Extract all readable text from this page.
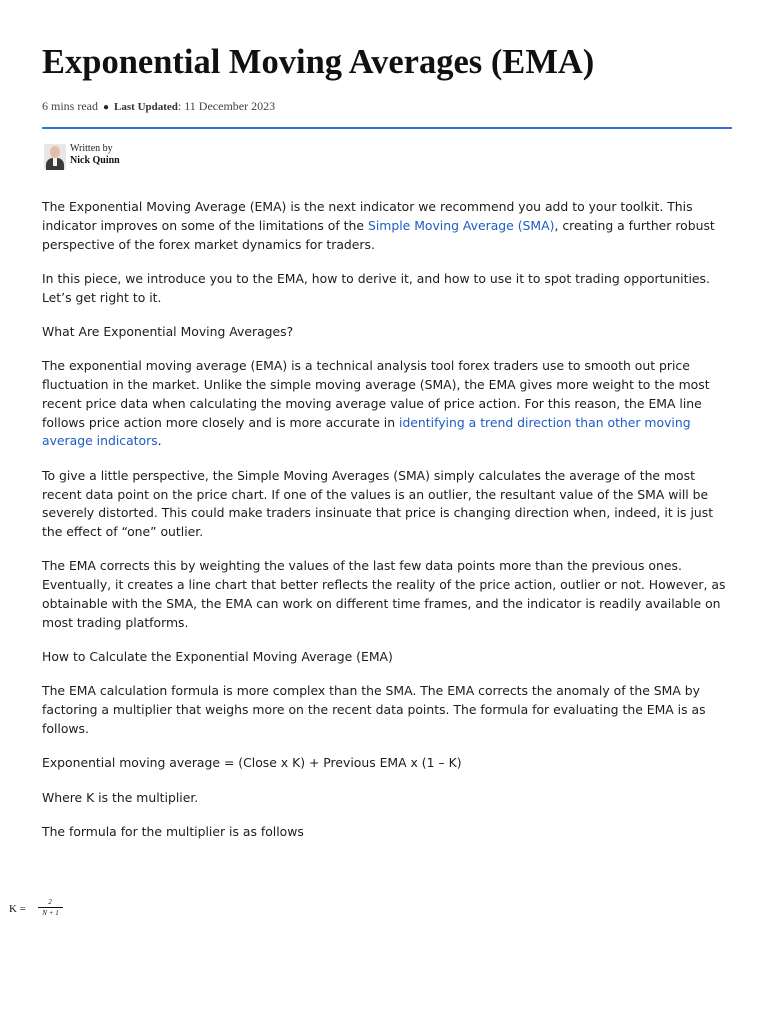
Exponential Moving Averages (EMA)
6 mins read ● Last Updated: 11 December 2023
Written by
Nick Quinn

The Exponential Moving Average (EMA) is the next indicator we recommend you add to your toolkit. This indicator improves on some of the limitations of the Simple Moving Average (SMA), creating a further robust perspective of the forex market dynamics for traders.

In this piece, we introduce you to the EMA, how to derive it, and how to use it to spot trading opportunities. Let’s get right to it.

What Are Exponential Moving Averages?

The exponential moving average (EMA) is a technical analysis tool forex traders use to smooth out price fluctuation in the market. Unlike the simple moving average (SMA), the EMA gives more weight to the most recent price data when calculating the moving average value of price action. For this reason, the EMA line follows price action more closely and is more accurate in identifying a trend direction than other moving average indicators.

To give a little perspective, the Simple Moving Averages (SMA) simply calculates the average of the most recent data point on the price chart. If one of the values is an outlier, the resultant value of the SMA will be severely distorted. This could make traders insinuate that price is changing direction when, indeed, it is just the effect of “one” outlier.

The EMA corrects this by weighting the values of the last few data points more than the previous ones. Eventually, it creates a line chart that better reflects the reality of the price action, outlier or not. However, as obtainable with the SMA, the EMA can work on different time frames, and the indicator is readily available on most trading platforms.

How to Calculate the Exponential Moving Average (EMA)

The EMA calculation formula is more complex than the SMA. The EMA corrects the anomaly of the SMA by factoring a multiplier that weighs more on the recent data points. The formula for evaluating the EMA is as follows.

Exponential moving average = (Close x K) + Previous EMA x (1 – K)

Where K is the multiplier.

The formula for the multiplier is as follows

K =
2
N + 1
